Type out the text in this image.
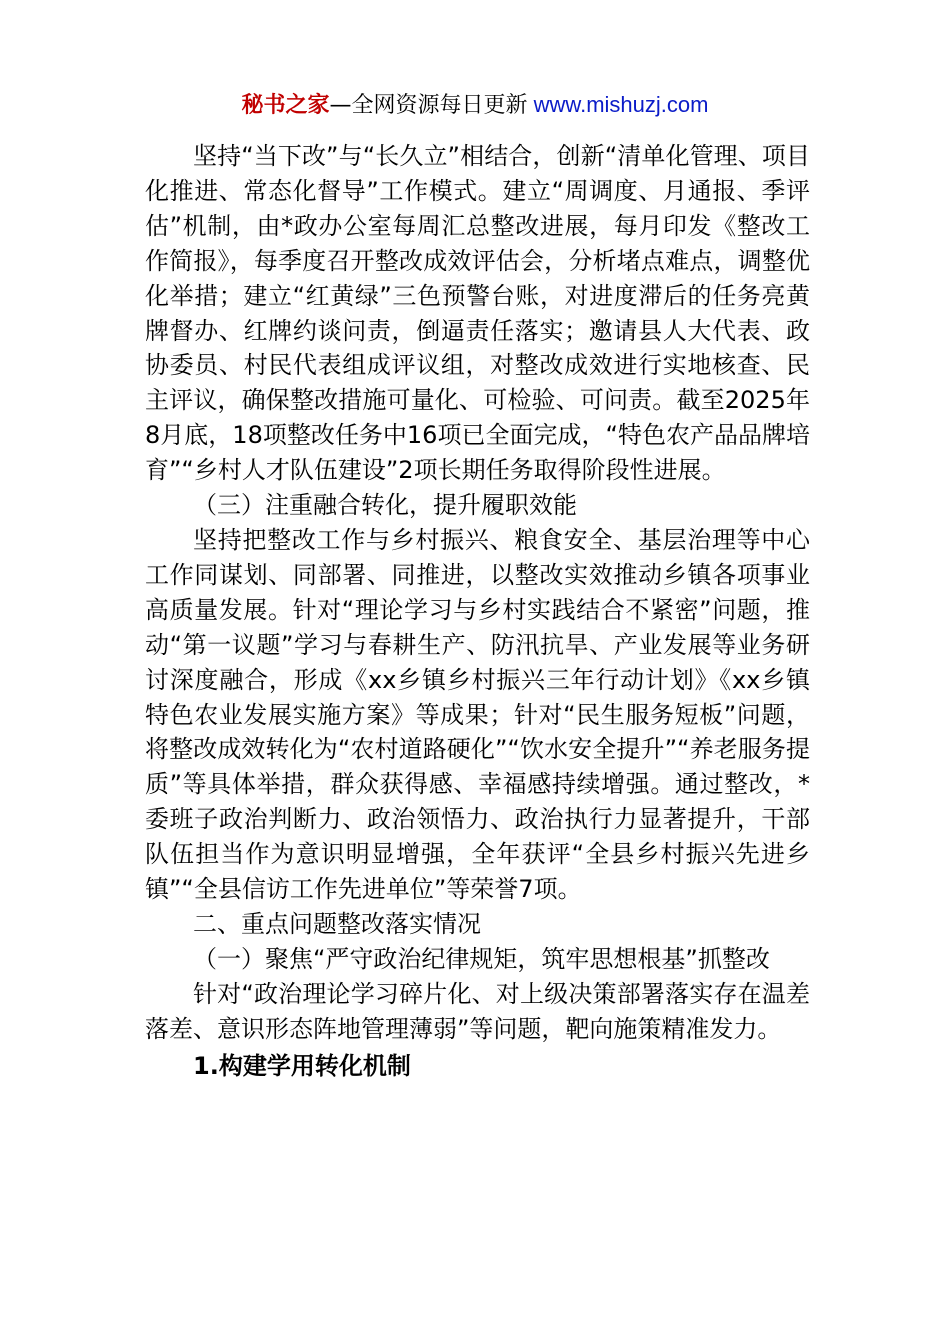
秘书之家—全网资源每日更新 www.mishuzj.com

坚持“当下改”与“长久立”相结合，创新“清单化管理、项目化推进、常态化督导”工作模式。建立“周调度、月通报、季评估”机制，由*政办公室每周汇总整改进展，每月印发《整改工作简报》，每季度召开整改成效评估会，分析堵点难点，调整优化举措；建立“红黄绿”三色预警台账，对进度滞后的任务亮黄牌督办、红牌约谈问责，倒逼责任落实；邀请县人大代表、政协委员、村民代表组成评议组，对整改成效进行实地核查、民主评议，确保整改措施可量化、可检验、可问责。截至2025年8月底，18项整改任务中16项已全面完成，“特色农产品品牌培育”“乡村人才队伍建设”2项长期任务取得阶段性进展。

（三）注重融合转化，提升履职效能

坚持把整改工作与乡村振兴、粮食安全、基层治理等中心工作同谋划、同部署、同推进，以整改实效推动乡镇各项事业高质量发展。针对“理论学习与乡村实践结合不紧密”问题，推动“第一议题”学习与春耕生产、防汛抗旱、产业发展等业务研讨深度融合，形成《xx乡镇乡村振兴三年行动计划》《xx乡镇特色农业发展实施方案》等成果；针对“民生服务短板”问题，将整改成效转化为“农村道路硬化”“饮水安全提升”“养老服务提质”等具体举措，群众获得感、幸福感持续增强。通过整改，*委班子政治判断力、政治领悟力、政治执行力显著提升，干部队伍担当作为意识明显增强，全年获评“全县乡村振兴先进乡镇”“全县信访工作先进单位”等荣誉7项。

二、重点问题整改落实情况

（一）聚焦“严守政治纪律规矩，筑牢思想根基”抓整改

针对“政治理论学习碎片化、对上级决策部署落实存在温差落差、意识形态阵地管理薄弱”等问题，靶向施策精准发力。

1.构建学用转化机制
